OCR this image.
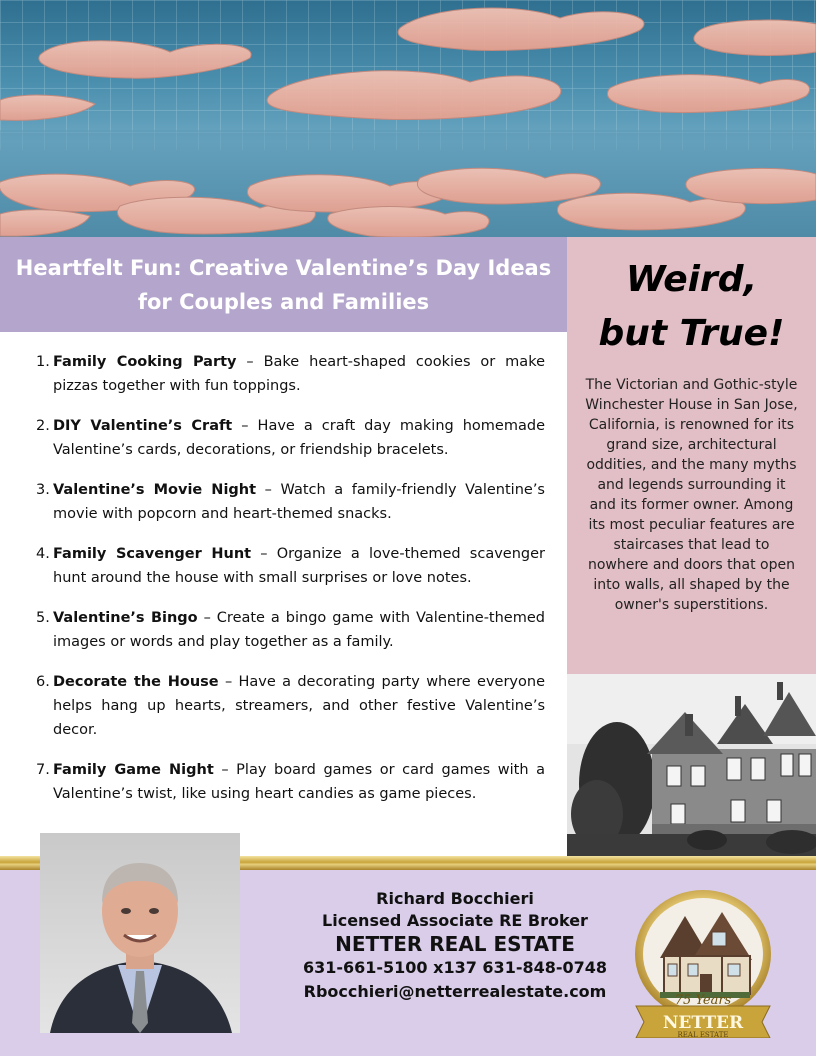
Heartfelt Fun: Creative Valentine’s Day Ideas for Couples and Families
1. Family Cooking Party – Bake heart-shaped cookies or make pizzas together with fun toppings.
2. DIY Valentine’s Craft – Have a craft day making homemade Valentine’s cards, decorations, or friendship bracelets.
3. Valentine’s Movie Night – Watch a family-friendly Valentine’s movie with popcorn and heart-themed snacks.
4. Family Scavenger Hunt – Organize a love-themed scavenger hunt around the house with small surprises or love notes.
5. Valentine’s Bingo – Create a bingo game with Valentine-themed images or words and play together as a family.
6. Decorate the House – Have a decorating party where everyone helps hang up hearts, streamers, and other festive Valentine’s decor.
7. Family Game Night – Play board games or card games with a Valentine’s twist, like using heart candies as game pieces.
Weird,
but True!

The Victorian and Gothic-style Winchester House in San Jose, California, is renowned for its grand size, architectural oddities, and the many myths and legends surrounding it and its former owner. Among its most peculiar features are staircases that lead to nowhere and doors that open into walls, all shaped by the owner's superstitions.

Richard Bocchieri
Licensed Associate RE Broker
NETTER REAL ESTATE
631-661-5100 x137 631-848-0748
Rbocchieri@netterrealestate.com	75 Years
NETTER
REAL ESTATE
